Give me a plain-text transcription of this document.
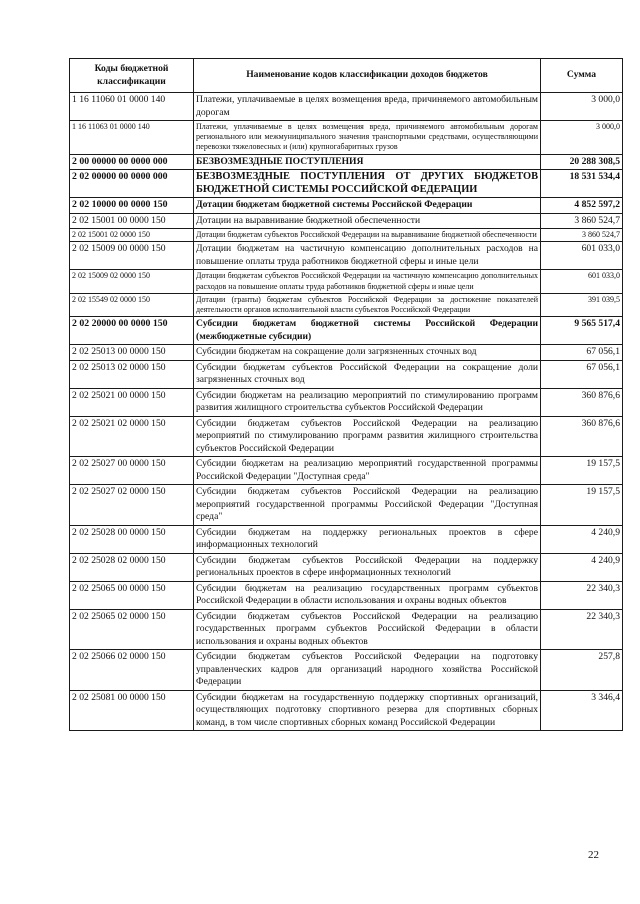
Коды бюджетной классификации	Наименование кодов классификации доходов бюджетов	Сумма
1 16 11060 01 0000 140	Платежи, уплачиваемые в целях возмещения вреда, причиняемого автомобильным дорогам	3 000,0
1 16 11063 01 0000 140	Платежи, уплачиваемые в целях возмещения вреда, причиняемого автомобильным дорогам регионального или межмуниципального значения транспортными средствами, осуществляющими перевозки тяжеловесных и (или) крупногабаритных грузов	3 000,0
2 00 00000 00 0000 000	БЕЗВОЗМЕЗДНЫЕ ПОСТУПЛЕНИЯ	20 288 308,5
2 02 00000 00 0000 000	БЕЗВОЗМЕЗДНЫЕ ПОСТУПЛЕНИЯ ОТ ДРУГИХ БЮДЖЕТОВ БЮДЖЕТНОЙ СИСТЕМЫ РОССИЙСКОЙ ФЕДЕРАЦИИ	18 531 534,4
2 02 10000 00 0000 150	Дотации бюджетам бюджетной системы Российской Федерации	4 852 597,2
2 02 15001 00 0000 150	Дотации на выравнивание бюджетной обеспеченности	3 860 524,7
2 02 15001 02 0000 150	Дотации бюджетам субъектов Российской Федерации на выравнивание бюджетной обеспеченности	3 860 524,7
2 02 15009 00 0000 150	Дотации бюджетам на частичную компенсацию дополнительных расходов на повышение оплаты труда работников бюджетной сферы и иные цели	601 033,0
2 02 15009 02 0000 150	Дотации бюджетам субъектов Российской Федерации на частичную компенсацию дополнительных расходов на повышение оплаты труда работников бюджетной сферы и иные цели	601 033,0
2 02 15549 02 0000 150	Дотации (гранты) бюджетам субъектов Российской Федерации за достижение показателей деятельности органов исполнительной власти субъектов Российской Федерации	391 039,5
2 02 20000 00 0000 150	Субсидии бюджетам бюджетной системы Российской Федерации (межбюджетные субсидии)	9 565 517,4
2 02 25013 00 0000 150	Субсидии бюджетам на сокращение доли загрязненных сточных вод	67 056,1
2 02 25013 02 0000 150	Субсидии бюджетам субъектов Российской Федерации на сокращение доли загрязненных сточных вод	67 056,1
2 02 25021 00 0000 150	Субсидии бюджетам на реализацию мероприятий по стимулированию программ развития жилищного строительства субъектов Российской Федерации	360 876,6
2 02 25021 02 0000 150	Субсидии бюджетам субъектов Российской Федерации на реализацию мероприятий по стимулированию программ развития жилищного строительства субъектов Российской Федерации	360 876,6
2 02 25027 00 0000 150	Субсидии бюджетам на реализацию мероприятий государственной программы Российской Федерации "Доступная среда"	19 157,5
2 02 25027 02 0000 150	Субсидии бюджетам субъектов Российской Федерации на реализацию мероприятий государственной программы Российской Федерации "Доступная среда"	19 157,5
2 02 25028 00 0000 150	Субсидии бюджетам на поддержку региональных проектов в сфере информационных технологий	4 240,9
2 02 25028 02 0000 150	Субсидии бюджетам субъектов Российской Федерации на поддержку региональных проектов в сфере информационных технологий	4 240,9
2 02 25065 00 0000 150	Субсидии бюджетам на реализацию государственных программ субъектов Российской Федерации в области использования и охраны водных объектов	22 340,3
2 02 25065 02 0000 150	Субсидии бюджетам субъектов Российской Федерации на реализацию государственных программ субъектов Российской Федерации в области использования и охраны водных объектов	22 340,3
2 02 25066 02 0000 150	Субсидии бюджетам субъектов Российской Федерации на подготовку управленческих кадров для организаций народного хозяйства Российской Федерации	257,8
2 02 25081 00 0000 150	Субсидии бюджетам на государственную поддержку спортивных организаций, осуществляющих подготовку спортивного резерва для спортивных сборных команд, в том числе спортивных сборных команд Российской Федерации	3 346,4
22
